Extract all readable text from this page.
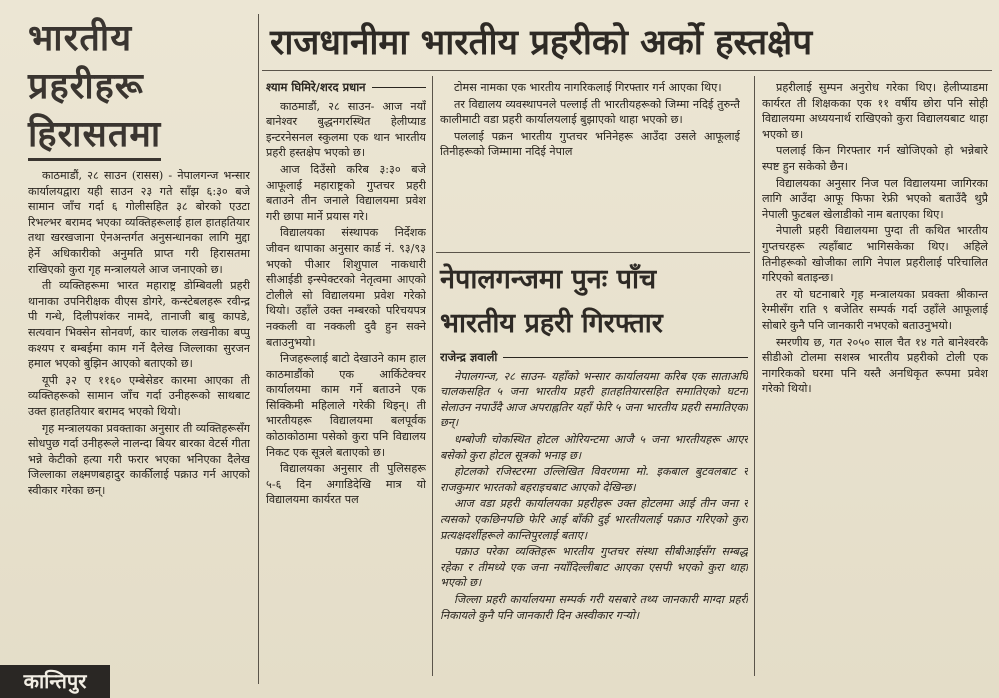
भारतीय
प्रहरीहरू
हिरासतमा

काठमाडौं, २८ साउन (रासस) - नेपालगन्ज भन्सार कार्यालयद्वारा यही साउन २३ गते साँझ ६:३० बजे सामान जाँच गर्दा ६ गोलीसहित ३८ बोरको एउटा रिभल्भर बरामद भएका व्यक्तिहरूलाई हाल हातहतियार तथा खरखजाना ऐनअन्तर्गत अनुसन्धानका लागि मुद्दा हेर्ने अधिकारीको अनुमति प्राप्त गरी हिरासतमा राखिएको कुरा गृह मन्त्रालयले आज जनाएको छ।

ती व्यक्तिहरूमा भारत महाराष्ट्र डोम्बिवली प्रहरी थानाका उपनिरीक्षक वीएस डोगरे, कन्स्टेबलहरू रवीन्द्र पी गन्धे, दिलीपशंकर नामदे, तानाजी बाबु कापडे, सत्यवान भिक्सेन सोनवर्ण, कार चालक लखनीका बप्पु कश्यप र बम्बईमा काम गर्ने दैलेख जिल्लाका सुरजन हमाल भएको बुझिन आएको बताएको छ।

यूपी ३२ ए ११६० एम्बेसेडर कारमा आएका ती व्यक्तिहरूको सामान जाँच गर्दा उनीहरूको साथबाट उक्त हातहतियार बरामद भएको थियो।

गृह मन्त्रालयका प्रवक्ताका अनुसार ती व्यक्तिहरूसँग सोधपुछ गर्दा उनीहरूले नालन्दा बियर बारका वेटर्स गीता भन्ने केटीको हत्या गरी फरार भएका भनिएका दैलेख जिल्लाका लक्ष्मणबहादुर कार्कीलाई पक्राउ गर्न आएको स्वीकार गरेका छन्।

राजधानीमा भारतीय प्रहरीको अर्को हस्तक्षेप
श्याम घिमिरे/शरद प्रधान

काठमाडौं, २८ साउन- आज नयाँ बानेश्वर बुद्धनगरस्थित हेलीप्याड इन्टरनेसनल स्कुलमा एक थान भारतीय प्रहरी हस्तक्षेप भएको छ।

आज दिउँसो करिब ३:३० बजे आफूलाई महाराष्ट्रको गुप्तचर प्रहरी बताउने तीन जनाले विद्यालयमा प्रवेश गरी छापा मार्ने प्रयास गरे।

विद्यालयका संस्थापक निर्देशक जीवन थापाका अनुसार कार्ड नं. ९३/९३ भएको पीआर शिशुपाल नाकधारी सीआईडी इन्स्पेक्टरको नेतृत्वमा आएको टोलीले सो विद्यालयमा प्रवेश गरेको थियो। उहाँले उक्त नम्बरको परिचयपत्र नक्कली वा नक्कली दुवै हुन सक्ने बताउनुभयो।

निजहरूलाई बाटो देखाउने काम हाल काठमाडौंको एक आर्किटेक्चर कार्यालयमा काम गर्ने बताउने एक सिक्किमी महिलाले गरेकी थिइन्। ती भारतीयहरू विद्यालयमा बलपूर्वक कोठाकोठामा पसेको कुरा पनि विद्यालय निकट एक सूत्रले बताएको छ।

विद्यालयका अनुसार ती पुलिसहरू ५-६ दिन अगाडिदेखि मात्र यो विद्यालयमा कार्यरत पल

टोमस नामका एक भारतीय नागरिकलाई गिरफ्तार गर्न आएका थिए।

तर विद्यालय व्यवस्थापनले पल्लाई ती भारतीयहरूको जिम्मा नदिई तुरुन्तै कालीमाटी वडा प्रहरी कार्यालयलाई बुझाएको थाहा भएको छ।

पललाई पक्रन भारतीय गुप्तचर भनिनेहरू आउँदा उसले आफूलाई तिनीहरूको जिम्मामा नदिई नेपाल

प्रहरीलाई सुम्पन अनुरोध गरेका थिए। हेलीप्याडमा कार्यरत ती शिक्षकका एक ११ वर्षीय छोरा पनि सोही विद्यालयमा अध्ययनार्थ राखिएको कुरा विद्यालयबाट थाहा भएको छ।

पललाई किन गिरफ्तार गर्न खोजिएको हो भन्नेबारे स्पष्ट हुन सकेको छैन।

विद्यालयका अनुसार निज पल विद्यालयमा जागिरका लागि आउँदा आफू फिफा रेफ्री भएको बताउँदै थुप्रै नेपाली फुटबल खेलाडीको नाम बताएका थिए।

नेपाली प्रहरी विद्यालयमा पुग्दा ती कथित भारतीय गुप्तचरहरू त्यहाँबाट भागिसकेका थिए। अहिले तिनीहरूको खोजीका लागि नेपाल प्रहरीलाई परिचालित गरिएको बताइन्छ।

तर यो घटनाबारे गृह मन्त्रालयका प्रवक्ता श्रीकान्त रेग्मीसँग राति ९ बजेतिर सम्पर्क गर्दा उहाँले आफूलाई सोबारे कुनै पनि जानकारी नभएको बताउनुभयो।

स्मरणीय छ, गत २०५० साल चैत १४ गते बानेश्वरकै सीडीओ टोलमा सशस्त्र भारतीय प्रहरीको टोली एक नागरिकको घरमा पनि यस्तै अनधिकृत रूपमा प्रवेश गरेको थियो।

नेपालगन्जमा पुनः पाँच
भारतीय प्रहरी गिरफ्तार
राजेन्द्र ज्ञवाली

नेपालगन्ज, २८ साउन- यहाँको भन्सार कार्यालयमा करिब एक साताअघि चालकसहित ५ जना भारतीय प्रहरी हातहतियारसहित समातिएको घटना सेलाउन नपाउँदै आज अपराह्नतिर यहाँ फेरि ५ जना भारतीय प्रहरी समातिएका छन्।

धम्बोजी चोकस्थित होटल ओरियन्टमा आजै ५ जना भारतीयहरू आएर बसेको कुरा होटल सूत्रको भनाइ छ।

होटलको रजिस्टरमा उल्लिखित विवरणमा मो. इकबाल बुटवलबाट र राजकुमार भारतको बहराइचबाट आएको देखिन्छ।

आज वडा प्रहरी कार्यालयका प्रहरीहरू उक्त होटलमा आई तीन जना र त्यसको एकछिनपछि फेरि आई बाँकी दुई भारतीयलाई पक्राउ गरिएको कुरा प्रत्यक्षदर्शीहरूले कान्तिपुरलाई बताए।

पक्राउ परेका व्यक्तिहरू भारतीय गुप्तचर संस्था सीबीआईसँग सम्बद्ध रहेका र तीमध्ये एक जना नयाँदिल्लीबाट आएका एसपी भएको कुरा थाहा भएको छ।

जिल्ला प्रहरी कार्यालयमा सम्पर्क गरी यसबारे तथ्य जानकारी माग्दा प्रहरी निकायले कुनै पनि जानकारी दिन अस्वीकार गर्‍यो।

कान्तिपुर
